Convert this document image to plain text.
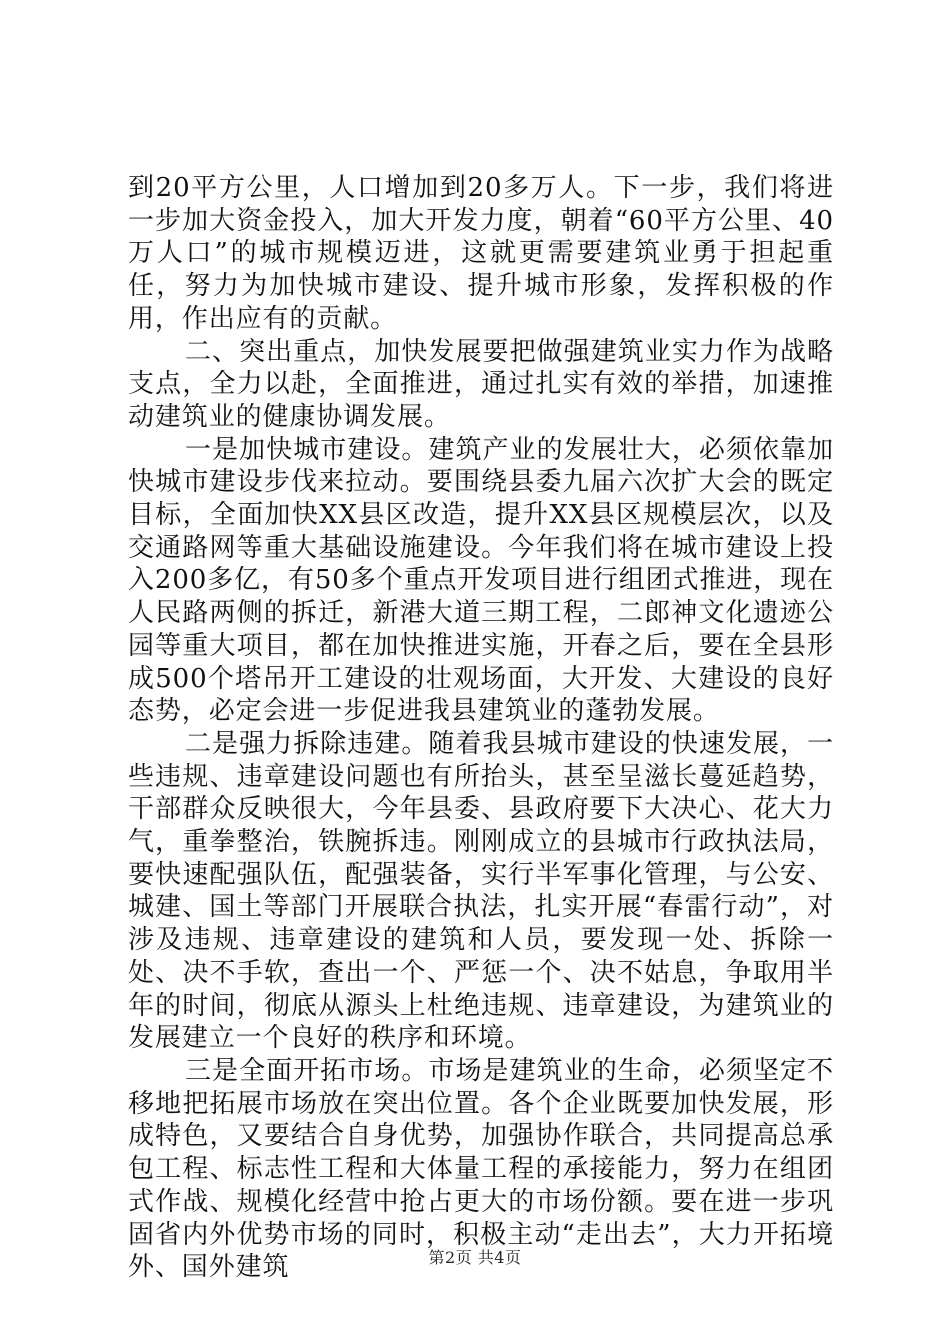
到20平方公里，人口增加到20多万人。下一步，我们将进一步加大资金投入，加大开发力度，朝着“60平方公里、40万人口”的城市规模迈进，这就更需要建筑业勇于担起重任，努力为加快城市建设、提升城市形象，发挥积极的作用，作出应有的贡献。

二、突出重点，加快发展要把做强建筑业实力作为战略支点，全力以赴，全面推进，通过扎实有效的举措，加速推动建筑业的健康协调发展。

一是加快城市建设。建筑产业的发展壮大，必须依靠加快城市建设步伐来拉动。要围绕县委九届六次扩大会的既定目标，全面加快XX县区改造，提升XX县区规模层次，以及交通路网等重大基础设施建设。今年我们将在城市建设上投入200多亿，有50多个重点开发项目进行组团式推进，现在人民路两侧的拆迁，新港大道三期工程，二郎神文化遗迹公园等重大项目，都在加快推进实施，开春之后，要在全县形成500个塔吊开工建设的壮观场面，大开发、大建设的良好态势，必定会进一步促进我县建筑业的蓬勃发展。

二是强力拆除违建。随着我县城市建设的快速发展，一些违规、违章建设问题也有所抬头，甚至呈滋长蔓延趋势，干部群众反映很大，今年县委、县政府要下大决心、花大力气，重拳整治，铁腕拆违。刚刚成立的县城市行政执法局，要快速配强队伍，配强装备，实行半军事化管理，与公安、城建、国土等部门开展联合执法，扎实开展“春雷行动”，对涉及违规、违章建设的建筑和人员，要发现一处、拆除一处、决不手软，查出一个、严惩一个、决不姑息，争取用半年的时间，彻底从源头上杜绝违规、违章建设，为建筑业的发展建立一个良好的秩序和环境。

三是全面开拓市场。市场是建筑业的生命，必须坚定不移地把拓展市场放在突出位置。各个企业既要加快发展，形成特色，又要结合自身优势，加强协作联合，共同提高总承包工程、标志性工程和大体量工程的承接能力，努力在组团式作战、规模化经营中抢占更大的市场份额。要在进一步巩固省内外优势市场的同时，积极主动“走出去”，大力开拓境外、国外建筑	第2页 共4页
